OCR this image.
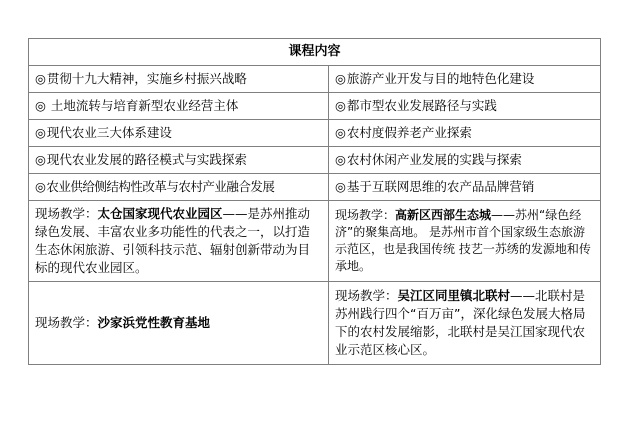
课程内容	
◎贯彻十九大精神，实施乡村振兴战略	◎旅游产业开发与目的地特色化建设
◎ 土地流转与培育新型农业经营主体	◎都市型农业发展路径与实践
◎现代农业三大体系建设	◎农村度假养老产业探索
◎现代农业发展的路径模式与实践探索	◎农村休闲产业发展的实践与探索
◎农业供给侧结构性改革与农村产业融合发展	◎基于互联网思维的农产品品牌营销
现场教学：太仓国家现代农业园区——是苏州推动绿色发展、丰富农业多功能性的代表之一，以打造生态休闲旅游、引领科技示范、辐射创新带动为目标的现代农业园区。	现场教学：高新区西部生态城——苏州“绿色经济”的聚集高地。 是苏州市首个国家级生态旅游示范区，也是我国传统 技艺一苏绣的发源地和传承地。
现场教学：沙家浜党性教育基地	现场教学：吴江区同里镇北联村——北联村是苏州践行四个“百万亩”，深化绿色发展大格局下的农村发展缩影，北联村是吴江国家现代农业示范区核心区。
